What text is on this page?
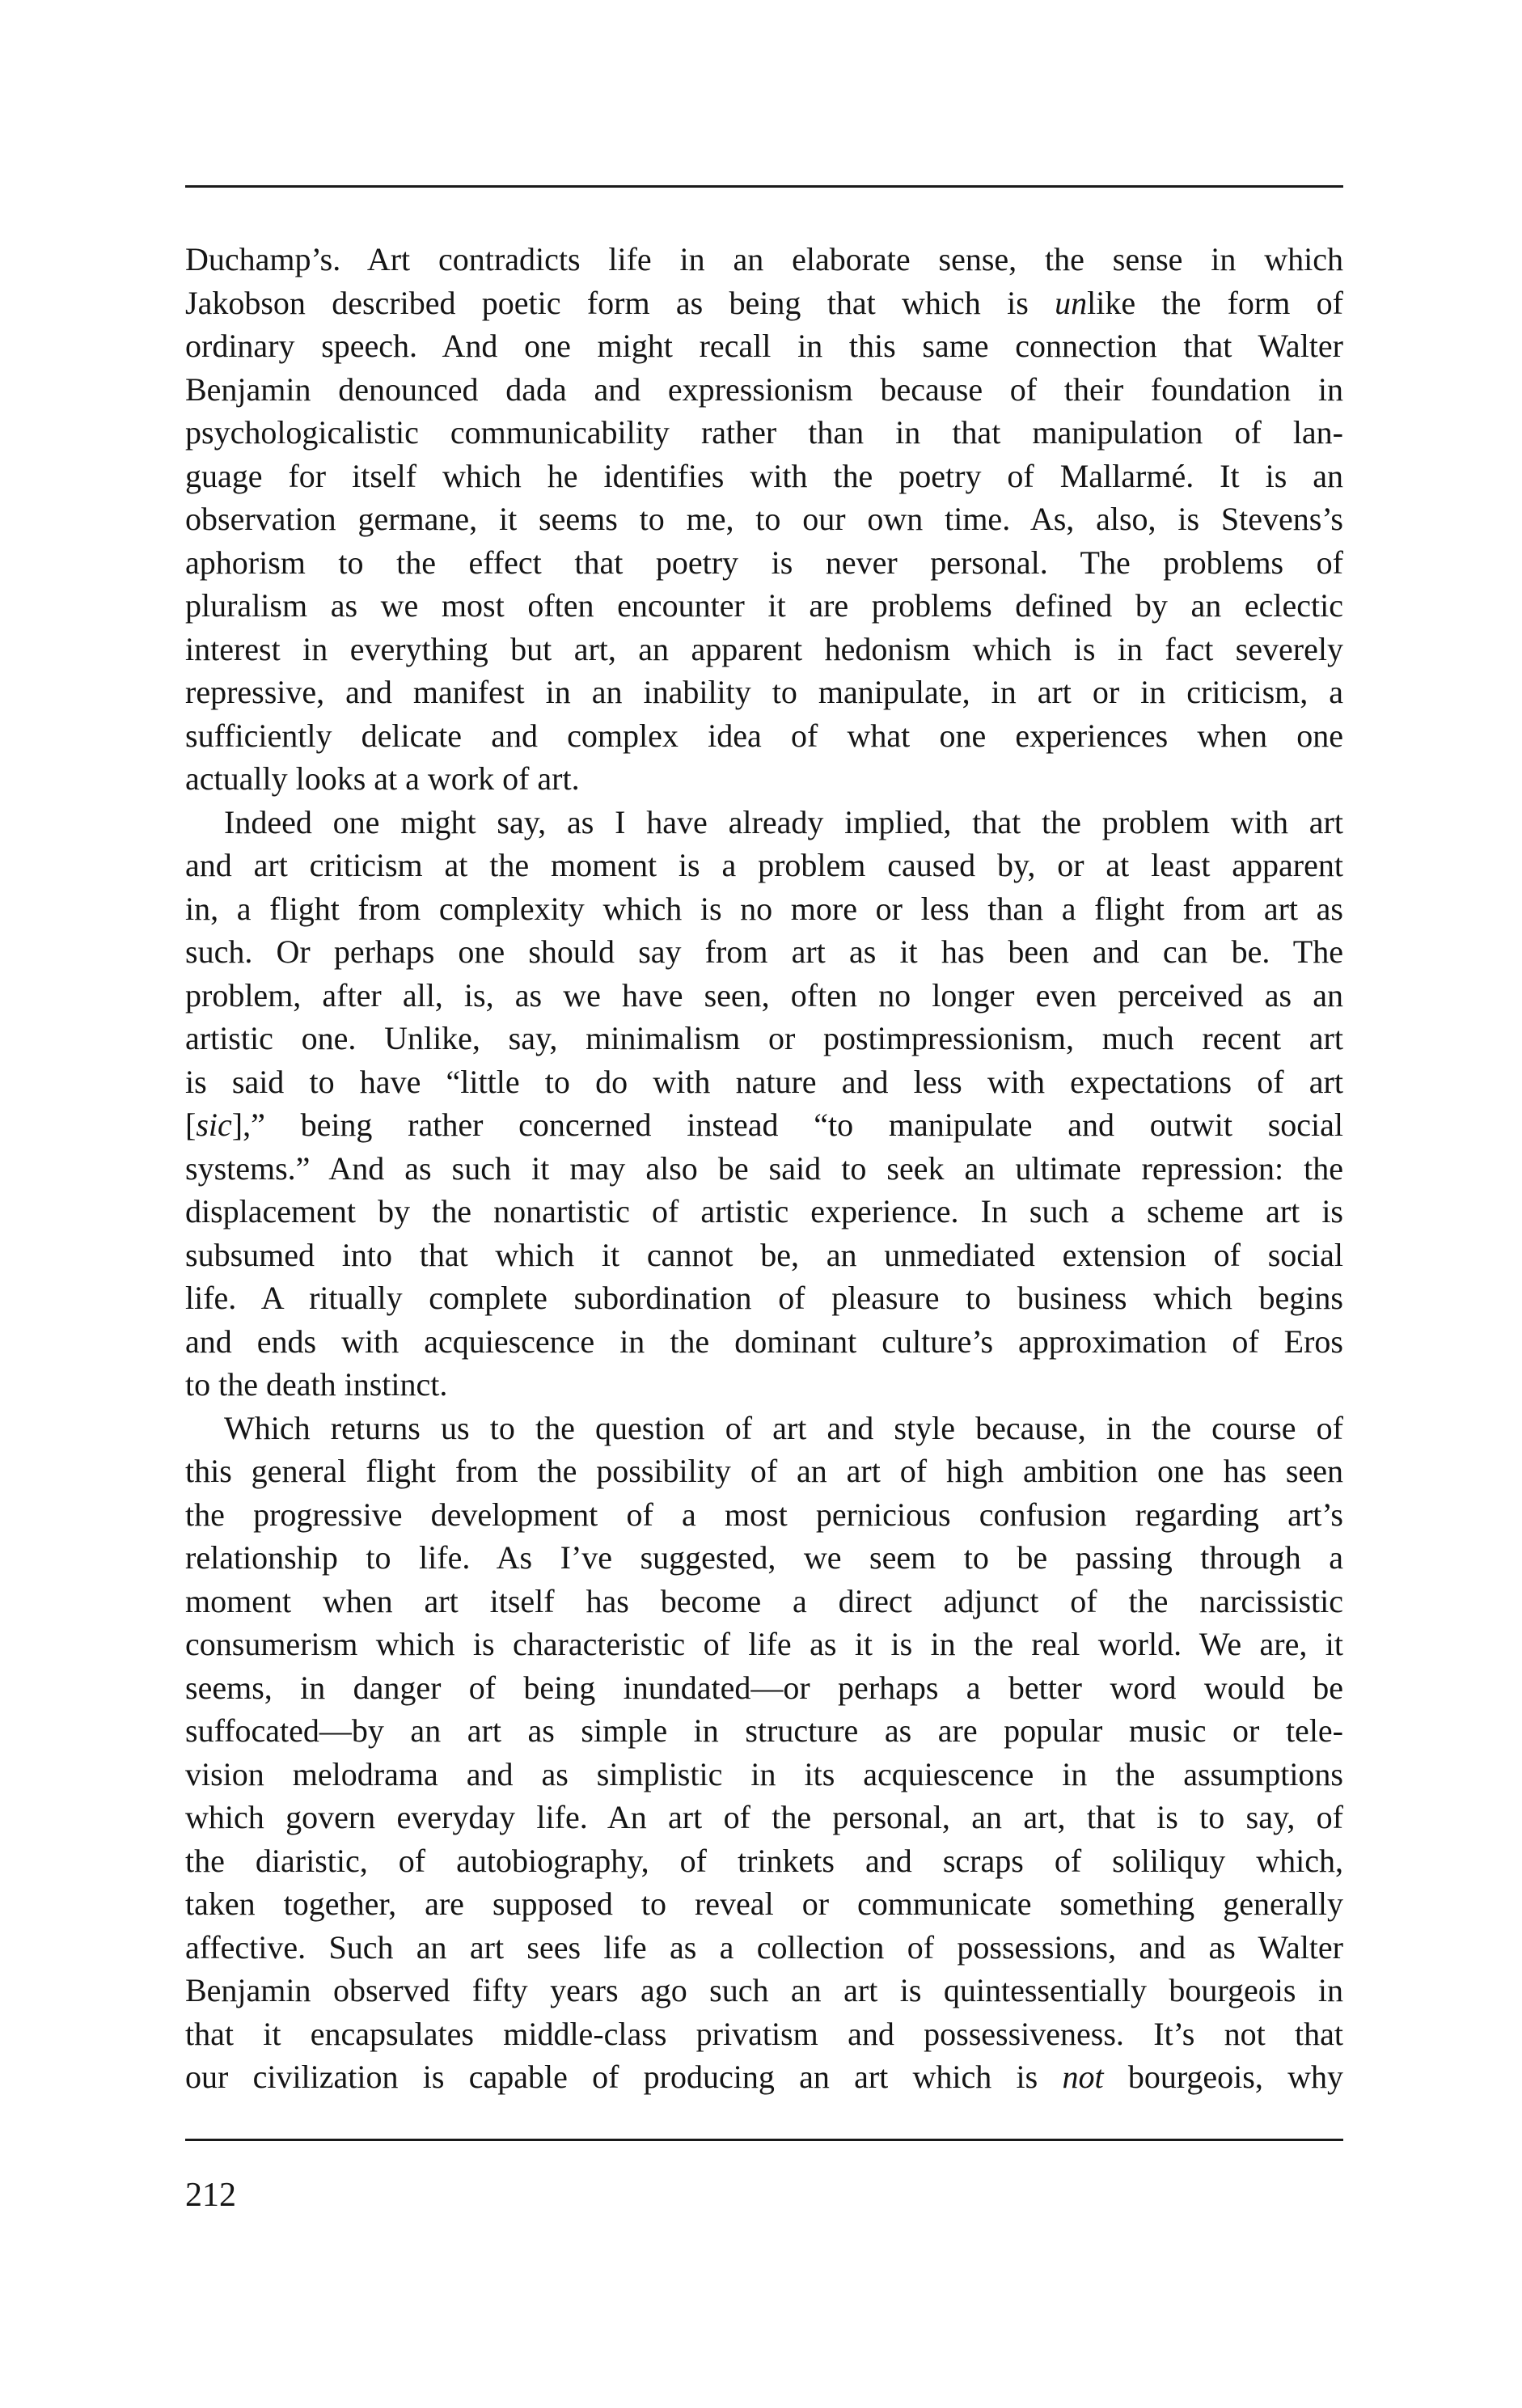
Duchamp’s. Art contradicts life in an elaborate sense, the sense in which
Jakobson described poetic form as being that which is unlike the form of
ordinary speech. And one might recall in this same connection that Walter
Benjamin denounced dada and expressionism because of their foundation in
psychologicalistic communicability rather than in that manipulation of lan-
guage for itself which he identifies with the poetry of Mallarmé. It is an
observation germane, it seems to me, to our own time. As, also, is Stevens’s
aphorism to the effect that poetry is never personal. The problems of
pluralism as we most often encounter it are problems defined by an eclectic
interest in everything but art, an apparent hedonism which is in fact severely
repressive, and manifest in an inability to manipulate, in art or in criticism, a
sufficiently delicate and complex idea of what one experiences when one
actually looks at a work of art.

Indeed one might say, as I have already implied, that the problem with art
and art criticism at the moment is a problem caused by, or at least apparent
in, a flight from complexity which is no more or less than a flight from art as
such. Or perhaps one should say from art as it has been and can be. The
problem, after all, is, as we have seen, often no longer even perceived as an
artistic one. Unlike, say, minimalism or postimpressionism, much recent art
is said to have “little to do with nature and less with expectations of art
[sic],” being rather concerned instead “to manipulate and outwit social
systems.” And as such it may also be said to seek an ultimate repression: the
displacement by the nonartistic of artistic experience. In such a scheme art is
subsumed into that which it cannot be, an unmediated extension of social
life. A ritually complete subordination of pleasure to business which begins
and ends with acquiescence in the dominant culture’s approximation of Eros
to the death instinct.

Which returns us to the question of art and style because, in the course of
this general flight from the possibility of an art of high ambition one has seen
the progressive development of a most pernicious confusion regarding art’s
relationship to life. As I’ve suggested, we seem to be passing through a
moment when art itself has become a direct adjunct of the narcissistic
consumerism which is characteristic of life as it is in the real world. We are, it
seems, in danger of being inundated—or perhaps a better word would be
suffocated—by an art as simple in structure as are popular music or tele-
vision melodrama and as simplistic in its acquiescence in the assumptions
which govern everyday life. An art of the personal, an art, that is to say, of
the diaristic, of autobiography, of trinkets and scraps of soliliquy which,
taken together, are supposed to reveal or communicate something generally
affective. Such an art sees life as a collection of possessions, and as Walter
Benjamin observed fifty years ago such an art is quintessentially bourgeois in
that it encapsulates middle-class privatism and possessiveness. It’s not that
our civilization is capable of producing an art which is not bourgeois, why

212
